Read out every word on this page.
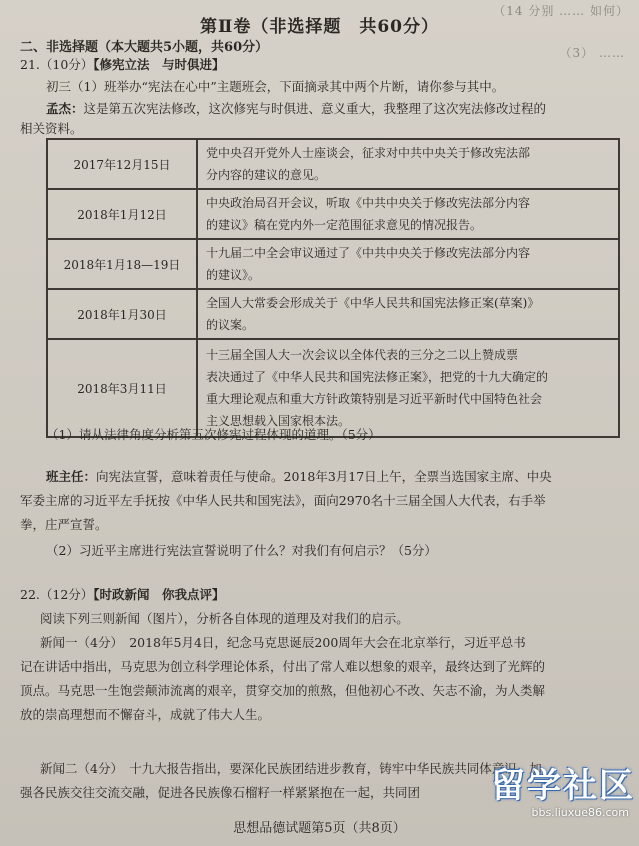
（14 分别 …… 如何）
（3） ……
第Ⅱ卷（非选择题　共60分）
二、非选择题（本大题共5小题，共60分）
21.（10分）【修宪立法　与时俱进】
初三（1）班举办“宪法在心中”主题班会，下面摘录其中两个片断，请你参与其中。
孟杰：这是第五次宪法修改，这次修宪与时俱进、意义重大，我整理了这次宪法修改过程的
相关资料。
2017年12月15日	党中央召开党外人士座谈会，征求对中共中央关于修改宪法部
分内容的建议的意见。

2018年1月12日	中央政治局召开会议，听取《中共中央关于修改宪法部分内容
的建议》稿在党内外一定范围征求意见的情况报告。

2018年1月18—19日	十九届二中全会审议通过了《中共中央关于修改宪法部分内容
的建议》。

2018年1月30日	全国人大常委会形成关于《中华人民共和国宪法修正案(草案)》
的议案。

2018年3月11日	十三届全国人大一次会议以全体代表的三分之二以上赞成票
表决通过了《中华人民共和国宪法修正案》，把党的十九大确定的
重大理论观点和重大方针政策特别是习近平新时代中国特色社会
主义思想载入国家根本法。
（1）请从法律角度分析第五次修宪过程体现的道理。（5分）
班主任：向宪法宣誓，意味着责任与使命。2018年3月17日上午，全票当选国家主席、中央
军委主席的习近平左手抚按《中华人民共和国宪法》，面向2970名十三届全国人大代表，右手举
拳，庄严宣誓。
（2）习近平主席进行宪法宣誓说明了什么？对我们有何启示？（5分）
22.（12分）【时政新闻　你我点评】
阅读下列三则新闻（图片），分析各自体现的道理及对我们的启示。
新闻一（4分）　2018年5月4日，纪念马克思诞辰200周年大会在北京举行，习近平总书
记在讲话中指出，马克思为创立科学理论体系，付出了常人难以想象的艰辛，最终达到了光辉的
顶点。马克思一生饱尝颠沛流离的艰辛，贯穿交加的煎熬，但他初心不改、矢志不渝，为人类解
放的崇高理想而不懈奋斗，成就了伟大人生。
新闻二（4分）　十九大报告指出，要深化民族团结进步教育，铸牢中华民族共同体意识，加
强各民族交往交流交融，促进各民族像石榴籽一样紧紧抱在一起，共同团
思想品德试题第5页（共8页）
留学社区
bbs.liuxue86.com
